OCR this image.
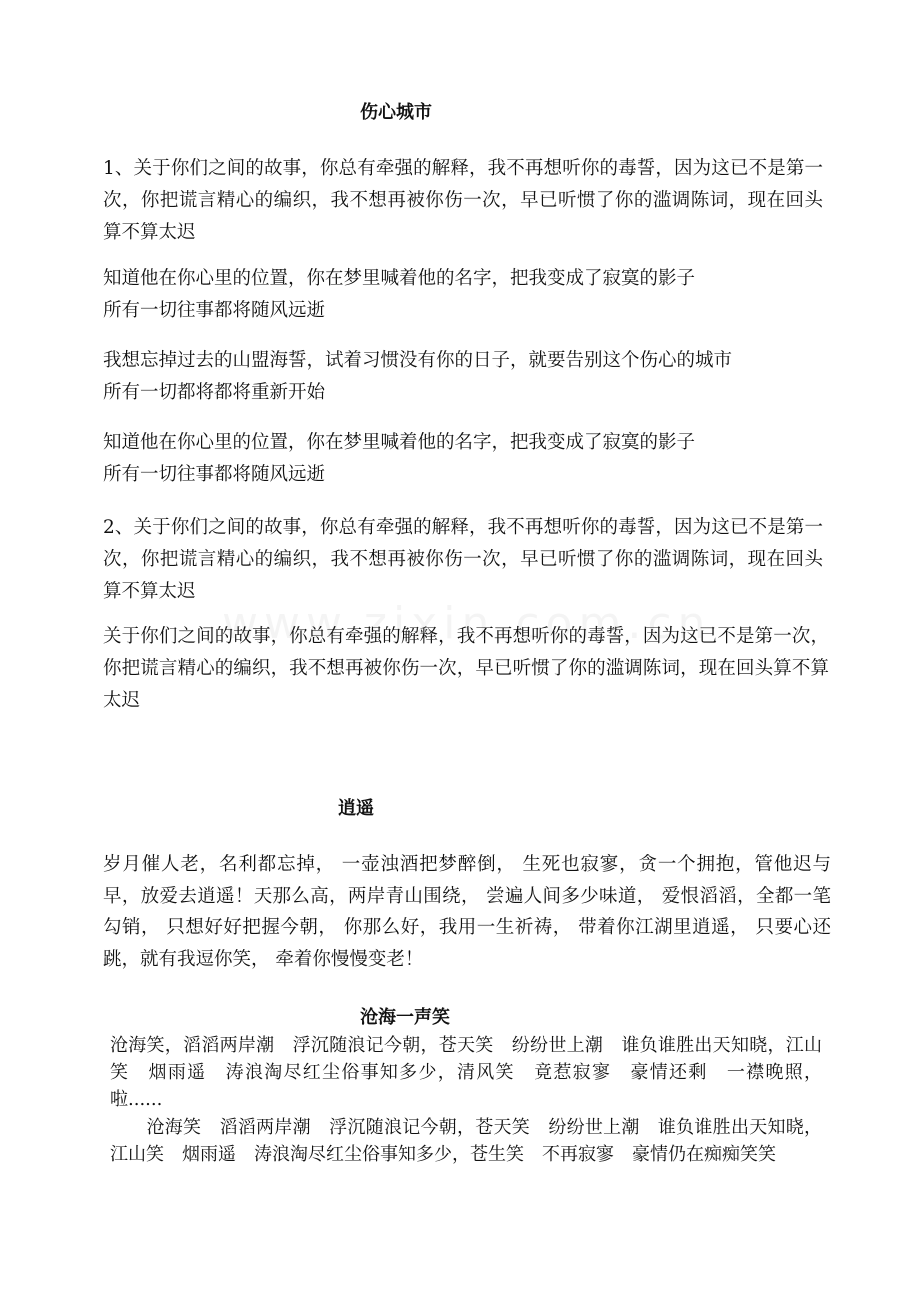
伤心城市
1、关于你们之间的故事，你总有牵强的解释，我不再想听你的毒誓，因为这已不是第一次，你把谎言精心的编织，我不想再被你伤一次，早已听惯了你的滥调陈词，现在回头算不算太迟
知道他在你心里的位置，你在梦里喊着他的名字，把我变成了寂寞的影子
所有一切往事都将随风远逝
我想忘掉过去的山盟海誓，试着习惯没有你的日子，就要告别这个伤心的城市
所有一切都将都将重新开始
知道他在你心里的位置，你在梦里喊着他的名字，把我变成了寂寞的影子
所有一切往事都将随风远逝
2、关于你们之间的故事，你总有牵强的解释，我不再想听你的毒誓，因为这已不是第一次，你把谎言精心的编织，我不想再被你伤一次，早已听惯了你的滥调陈词，现在回头算不算太迟
关于你们之间的故事，你总有牵强的解释，我不再想听你的毒誓，因为这已不是第一次，你把谎言精心的编织，我不想再被你伤一次，早已听惯了你的滥调陈词，现在回头算不算太迟
逍遥
岁月催人老，名利都忘掉， 一壶浊酒把梦醉倒， 生死也寂寥，贪一个拥抱，管他迟与早，放爱去逍遥！天那么高，两岸青山围绕， 尝遍人间多少味道， 爱恨滔滔，全都一笔勾销， 只想好好把握今朝， 你那么好，我用一生祈祷， 带着你江湖里逍遥， 只要心还跳，就有我逗你笑， 牵着你慢慢变老！
沧海一声笑
沧海笑，滔滔两岸潮　浮沉随浪记今朝，苍天笑　纷纷世上潮　谁负谁胜出天知晓，江山笑　烟雨遥　涛浪淘尽红尘俗事知多少，清风笑　竟惹寂寥　豪情还剩　一襟晚照，啦......
　　沧海笑　滔滔两岸潮　浮沉随浪记今朝，苍天笑　纷纷世上潮　谁负谁胜出天知晓，江山笑　烟雨遥　涛浪淘尽红尘俗事知多少，苍生笑　不再寂寥　豪情仍在痴痴笑笑
